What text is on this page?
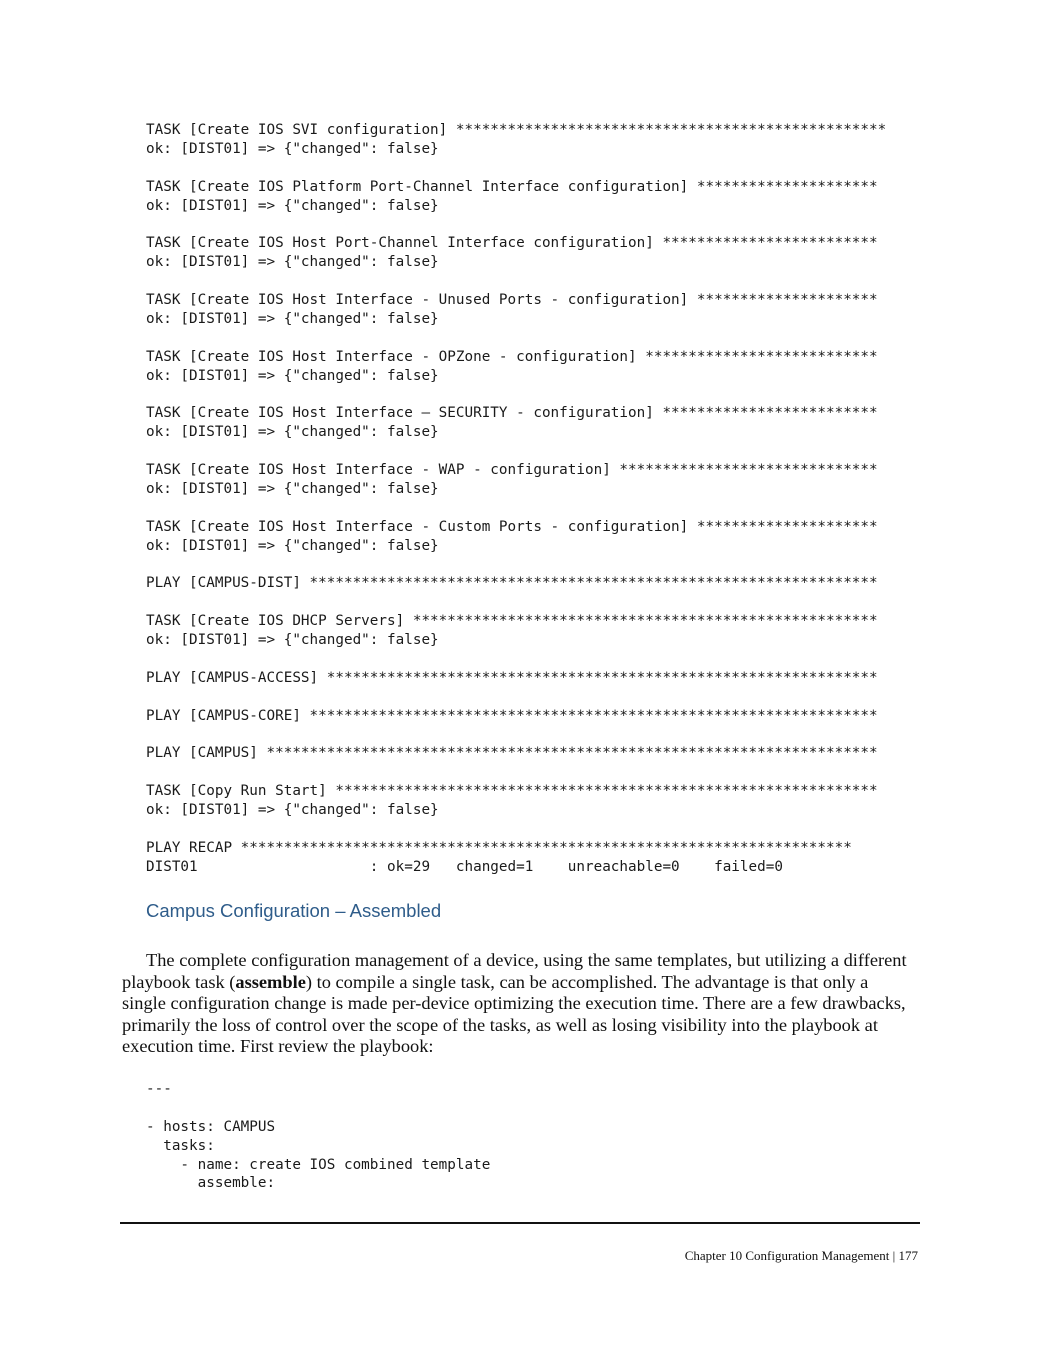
TASK [Create IOS SVI configuration] **************************************************
ok: [DIST01] => {"changed": false}
TASK [Create IOS Platform Port-Channel Interface configuration] *********************
ok: [DIST01] => {"changed": false}
TASK [Create IOS Host Port-Channel Interface configuration] *************************
ok: [DIST01] => {"changed": false}
TASK [Create IOS Host Interface - Unused Ports - configuration] *********************
ok: [DIST01] => {"changed": false}
TASK [Create IOS Host Interface - OPZone - configuration] ***************************
ok: [DIST01] => {"changed": false}
TASK [Create IOS Host Interface – SECURITY - configuration] *************************
ok: [DIST01] => {"changed": false}
TASK [Create IOS Host Interface - WAP - configuration] ******************************
ok: [DIST01] => {"changed": false}
TASK [Create IOS Host Interface - Custom Ports - configuration] *********************
ok: [DIST01] => {"changed": false}
PLAY [CAMPUS-DIST] ******************************************************************
TASK [Create IOS DHCP Servers] ******************************************************
ok: [DIST01] => {"changed": false}
PLAY [CAMPUS-ACCESS] ****************************************************************
PLAY [CAMPUS-CORE] ******************************************************************
PLAY [CAMPUS] ***********************************************************************
TASK [Copy Run Start] ***************************************************************
ok: [DIST01] => {"changed": false}
PLAY RECAP ***********************************************************************
DIST01                    : ok=29   changed=1    unreachable=0    failed=0
Campus Configuration – Assembled

The complete configuration management of a device, using the same templates, but utilizing a different playbook task (assemble) to compile a single task, can be accomplished. The advantage is that only a single configuration change is made per-device optimizing the execution time. There are a few drawbacks, primarily the loss of control over the scope of the tasks, as well as losing visibility into the playbook at execution time. First review the playbook:

---
- hosts: CAMPUS
tasks:
- name: create IOS combined template
assemble:
Chapter 10 Configuration Management | 177
